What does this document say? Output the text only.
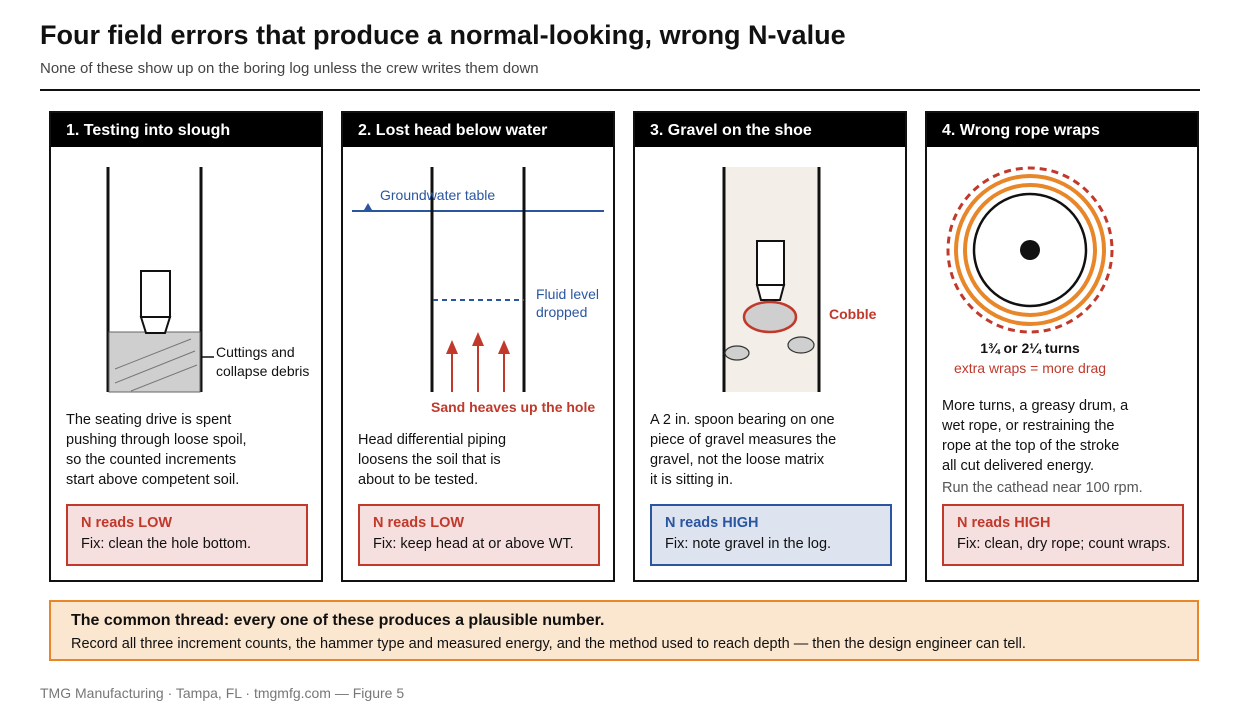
Four field errors that produce a normal-looking, wrong N-value
None of these show up on the boring log unless the crew writes them down
1. Testing into slough
Cuttings and
collapse debris
The seating drive is spent
pushing through loose spoil,
so the counted increments
start above competent soil.
N reads LOW
Fix: clean the hole bottom.
2. Lost head below water
Groundwater table
Fluid level
dropped
Sand heaves up the hole
Head differential piping
loosens the soil that is
about to be tested.
N reads LOW
Fix: keep head at or above WT.
3. Gravel on the shoe
Cobble
A 2 in. spoon bearing on one
piece of gravel measures the
gravel, not the loose matrix
it is sitting in.
N reads HIGH
Fix: note gravel in the log.
4. Wrong rope wraps
1¾ or 2¼ turns
extra wraps = more drag
More turns, a greasy drum, a
wet rope, or restraining the
rope at the top of the stroke
all cut delivered energy.
Run the cathead near 100 rpm.
N reads HIGH
Fix: clean, dry rope; count wraps.
The common thread: every one of these produces a plausible number.
Record all three increment counts, the hammer type and measured energy, and the method used to reach depth — then the design engineer can tell.
TMG Manufacturing · Tampa, FL · tmgmfg.com — Figure 5
